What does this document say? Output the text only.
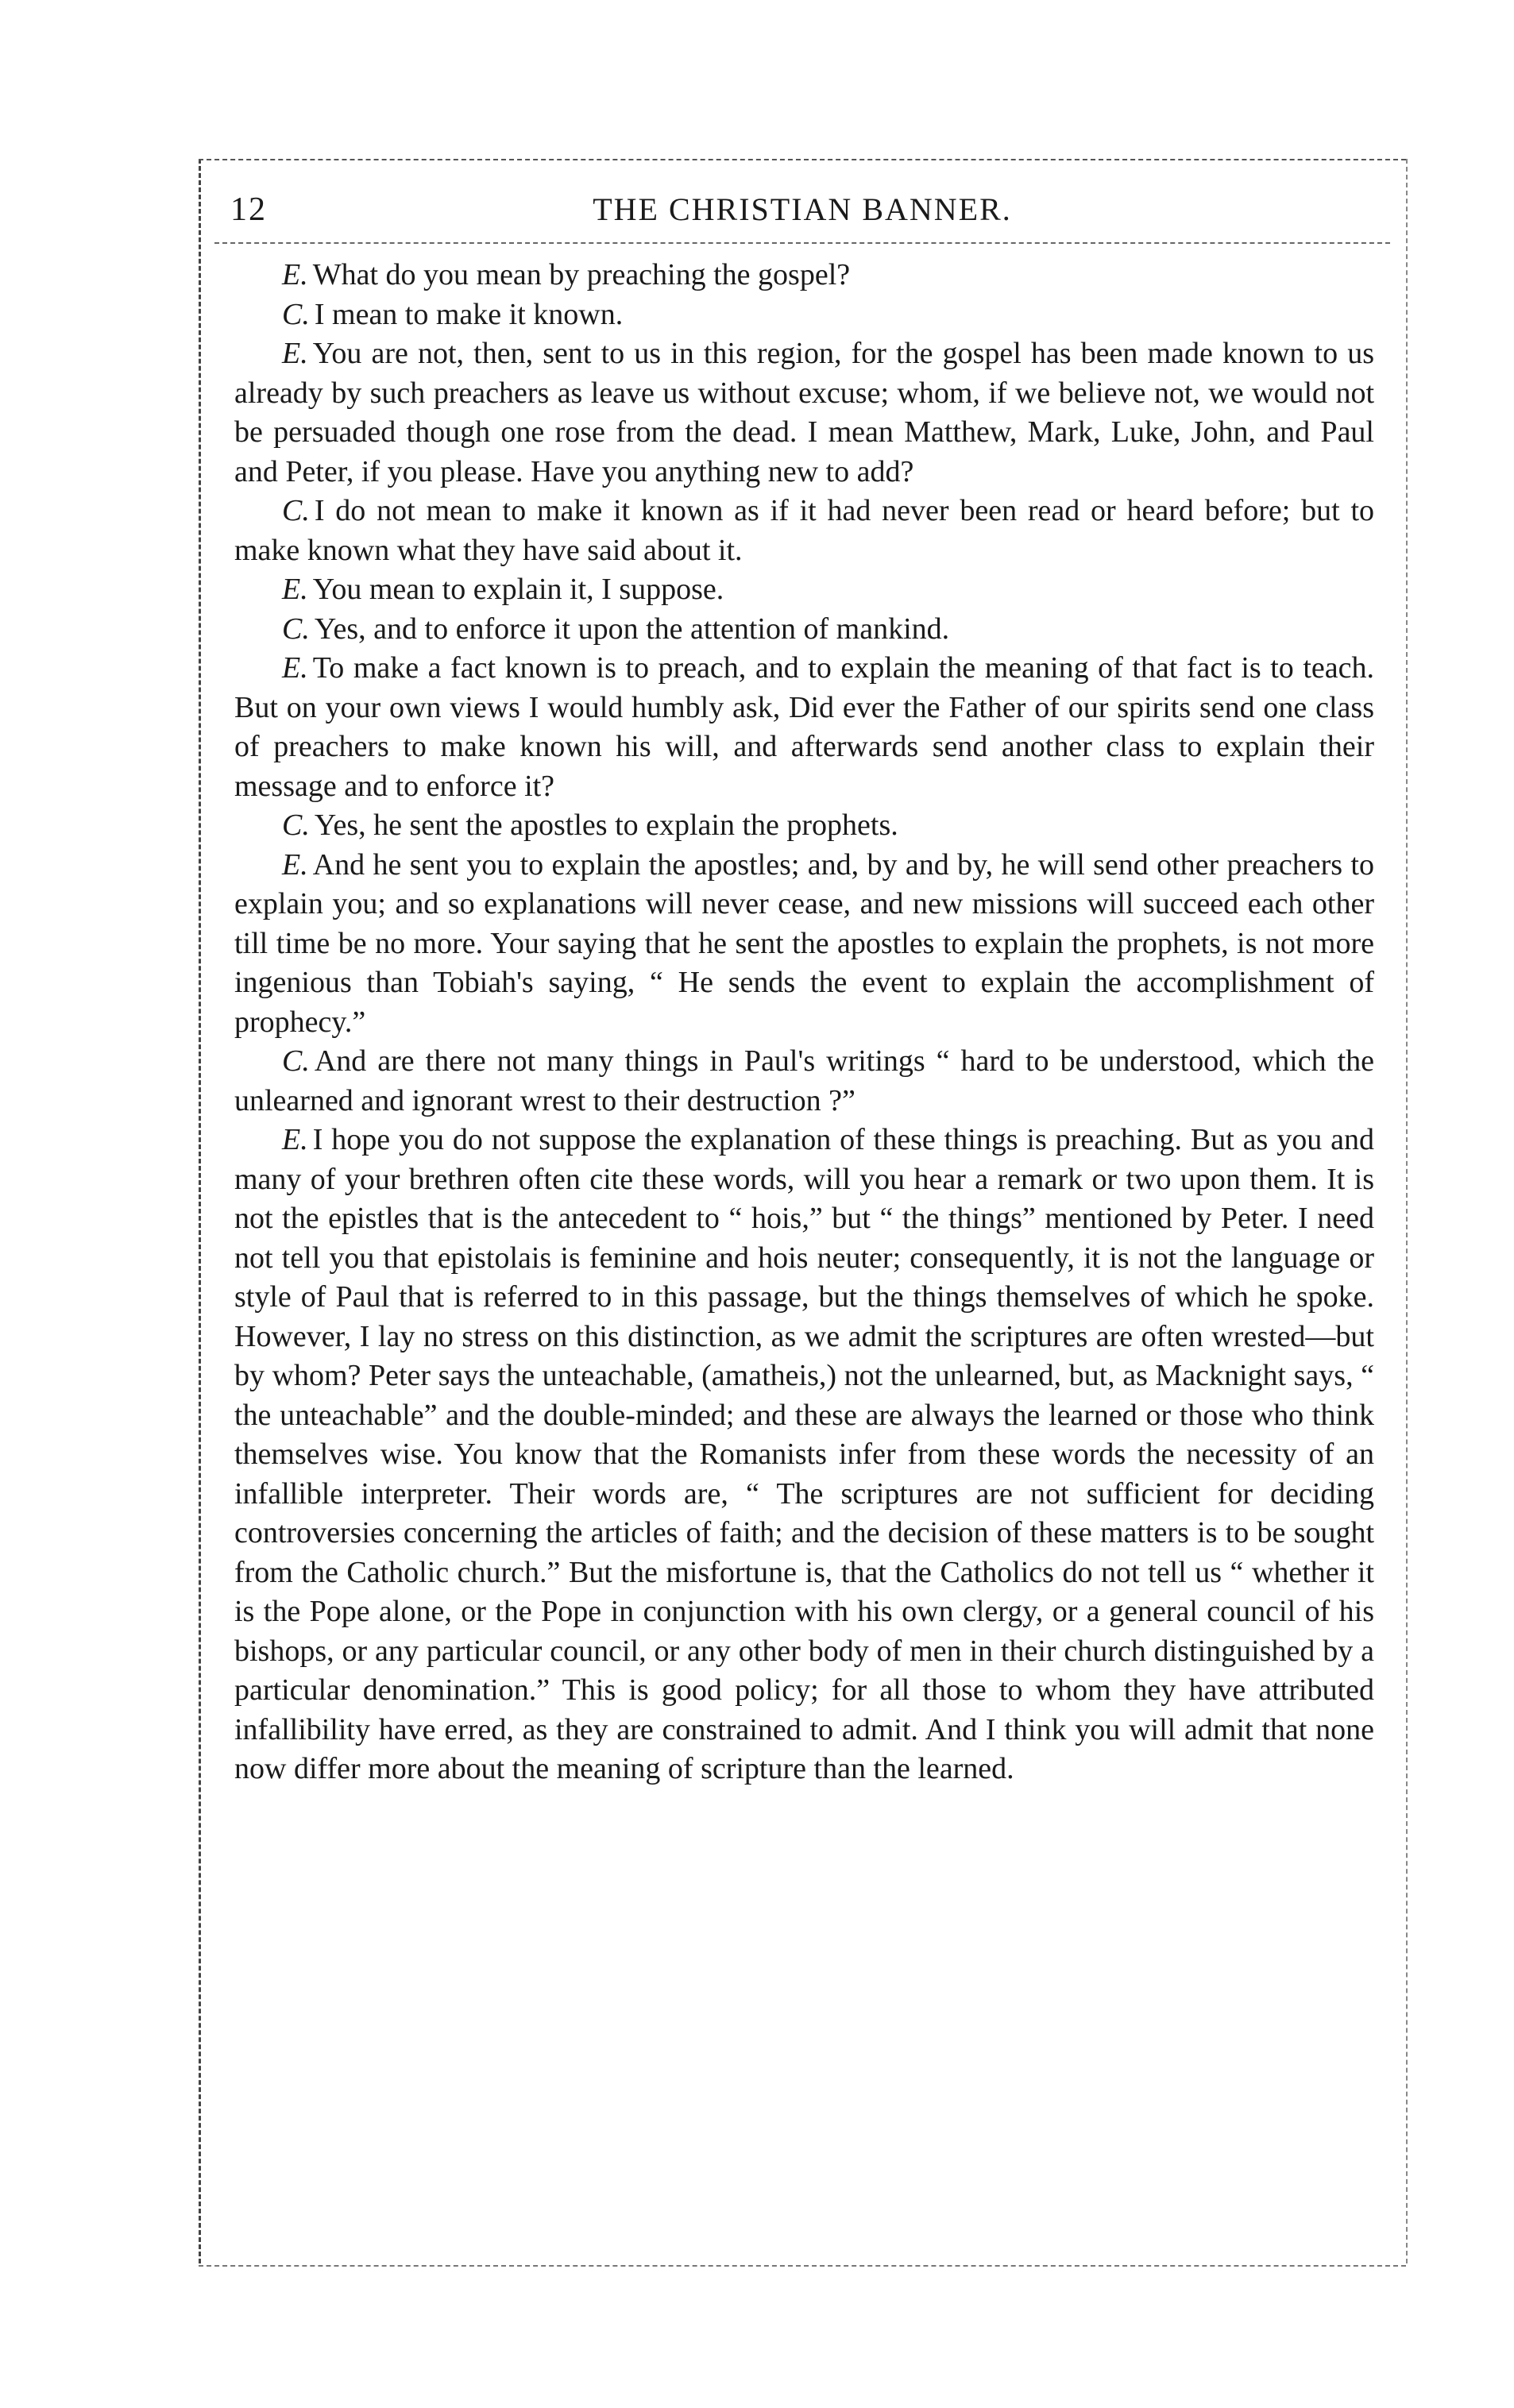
12	THE CHRISTIAN BANNER.

E. What do you mean by preaching the gospel?

C. I mean to make it known.

E. You are not, then, sent to us in this region, for the gospel has been made known to us already by such preachers as leave us without excuse; whom, if we believe not, we would not be persuaded though one rose from the dead. I mean Matthew, Mark, Luke, John, and Paul and Peter, if you please. Have you anything new to add?

C. I do not mean to make it known as if it had never been read or heard before; but to make known what they have said about it.

E. You mean to explain it, I suppose.

C. Yes, and to enforce it upon the attention of mankind.

E. To make a fact known is to preach, and to explain the meaning of that fact is to teach. But on your own views I would humbly ask, Did ever the Father of our spirits send one class of preachers to make known his will, and afterwards send another class to explain their message and to enforce it?

C. Yes, he sent the apostles to explain the prophets.

E. And he sent you to explain the apostles; and, by and by, he will send other preachers to explain you; and so explanations will never cease, and new missions will succeed each other till time be no more. Your saying that he sent the apostles to explain the prophets, is not more ingenious than Tobiah's saying, “ He sends the event to explain the accomplishment of prophecy.”

C. And are there not many things in Paul's writings “ hard to be understood, which the unlearned and ignorant wrest to their destruction ?”

E. I hope you do not suppose the explanation of these things is preaching. But as you and many of your brethren often cite these words, will you hear a remark or two upon them. It is not the epistles that is the antecedent to “ hois,” but “ the things” mentioned by Peter. I need not tell you that epistolais is feminine and hois neuter; consequently, it is not the language or style of Paul that is referred to in this passage, but the things themselves of which he spoke. However, I lay no stress on this distinction, as we admit the scriptures are often wrested—but by whom? Peter says the unteachable, (amatheis,) not the unlearned, but, as Macknight says, “ the unteachable” and the double-minded; and these are always the learned or those who think themselves wise. You know that the Romanists infer from these words the necessity of an infallible interpreter. Their words are, “ The scriptures are not sufficient for deciding controversies concerning the articles of faith; and the decision of these matters is to be sought from the Catholic church.” But the misfortune is, that the Catholics do not tell us “ whether it is the Pope alone, or the Pope in conjunction with his own clergy, or a general council of his bishops, or any particular council, or any other body of men in their church distinguished by a particular denomination.” This is good policy; for all those to whom they have attributed infallibility have erred, as they are constrained to admit. And I think you will admit that none now differ more about the meaning of scripture than the learned.
